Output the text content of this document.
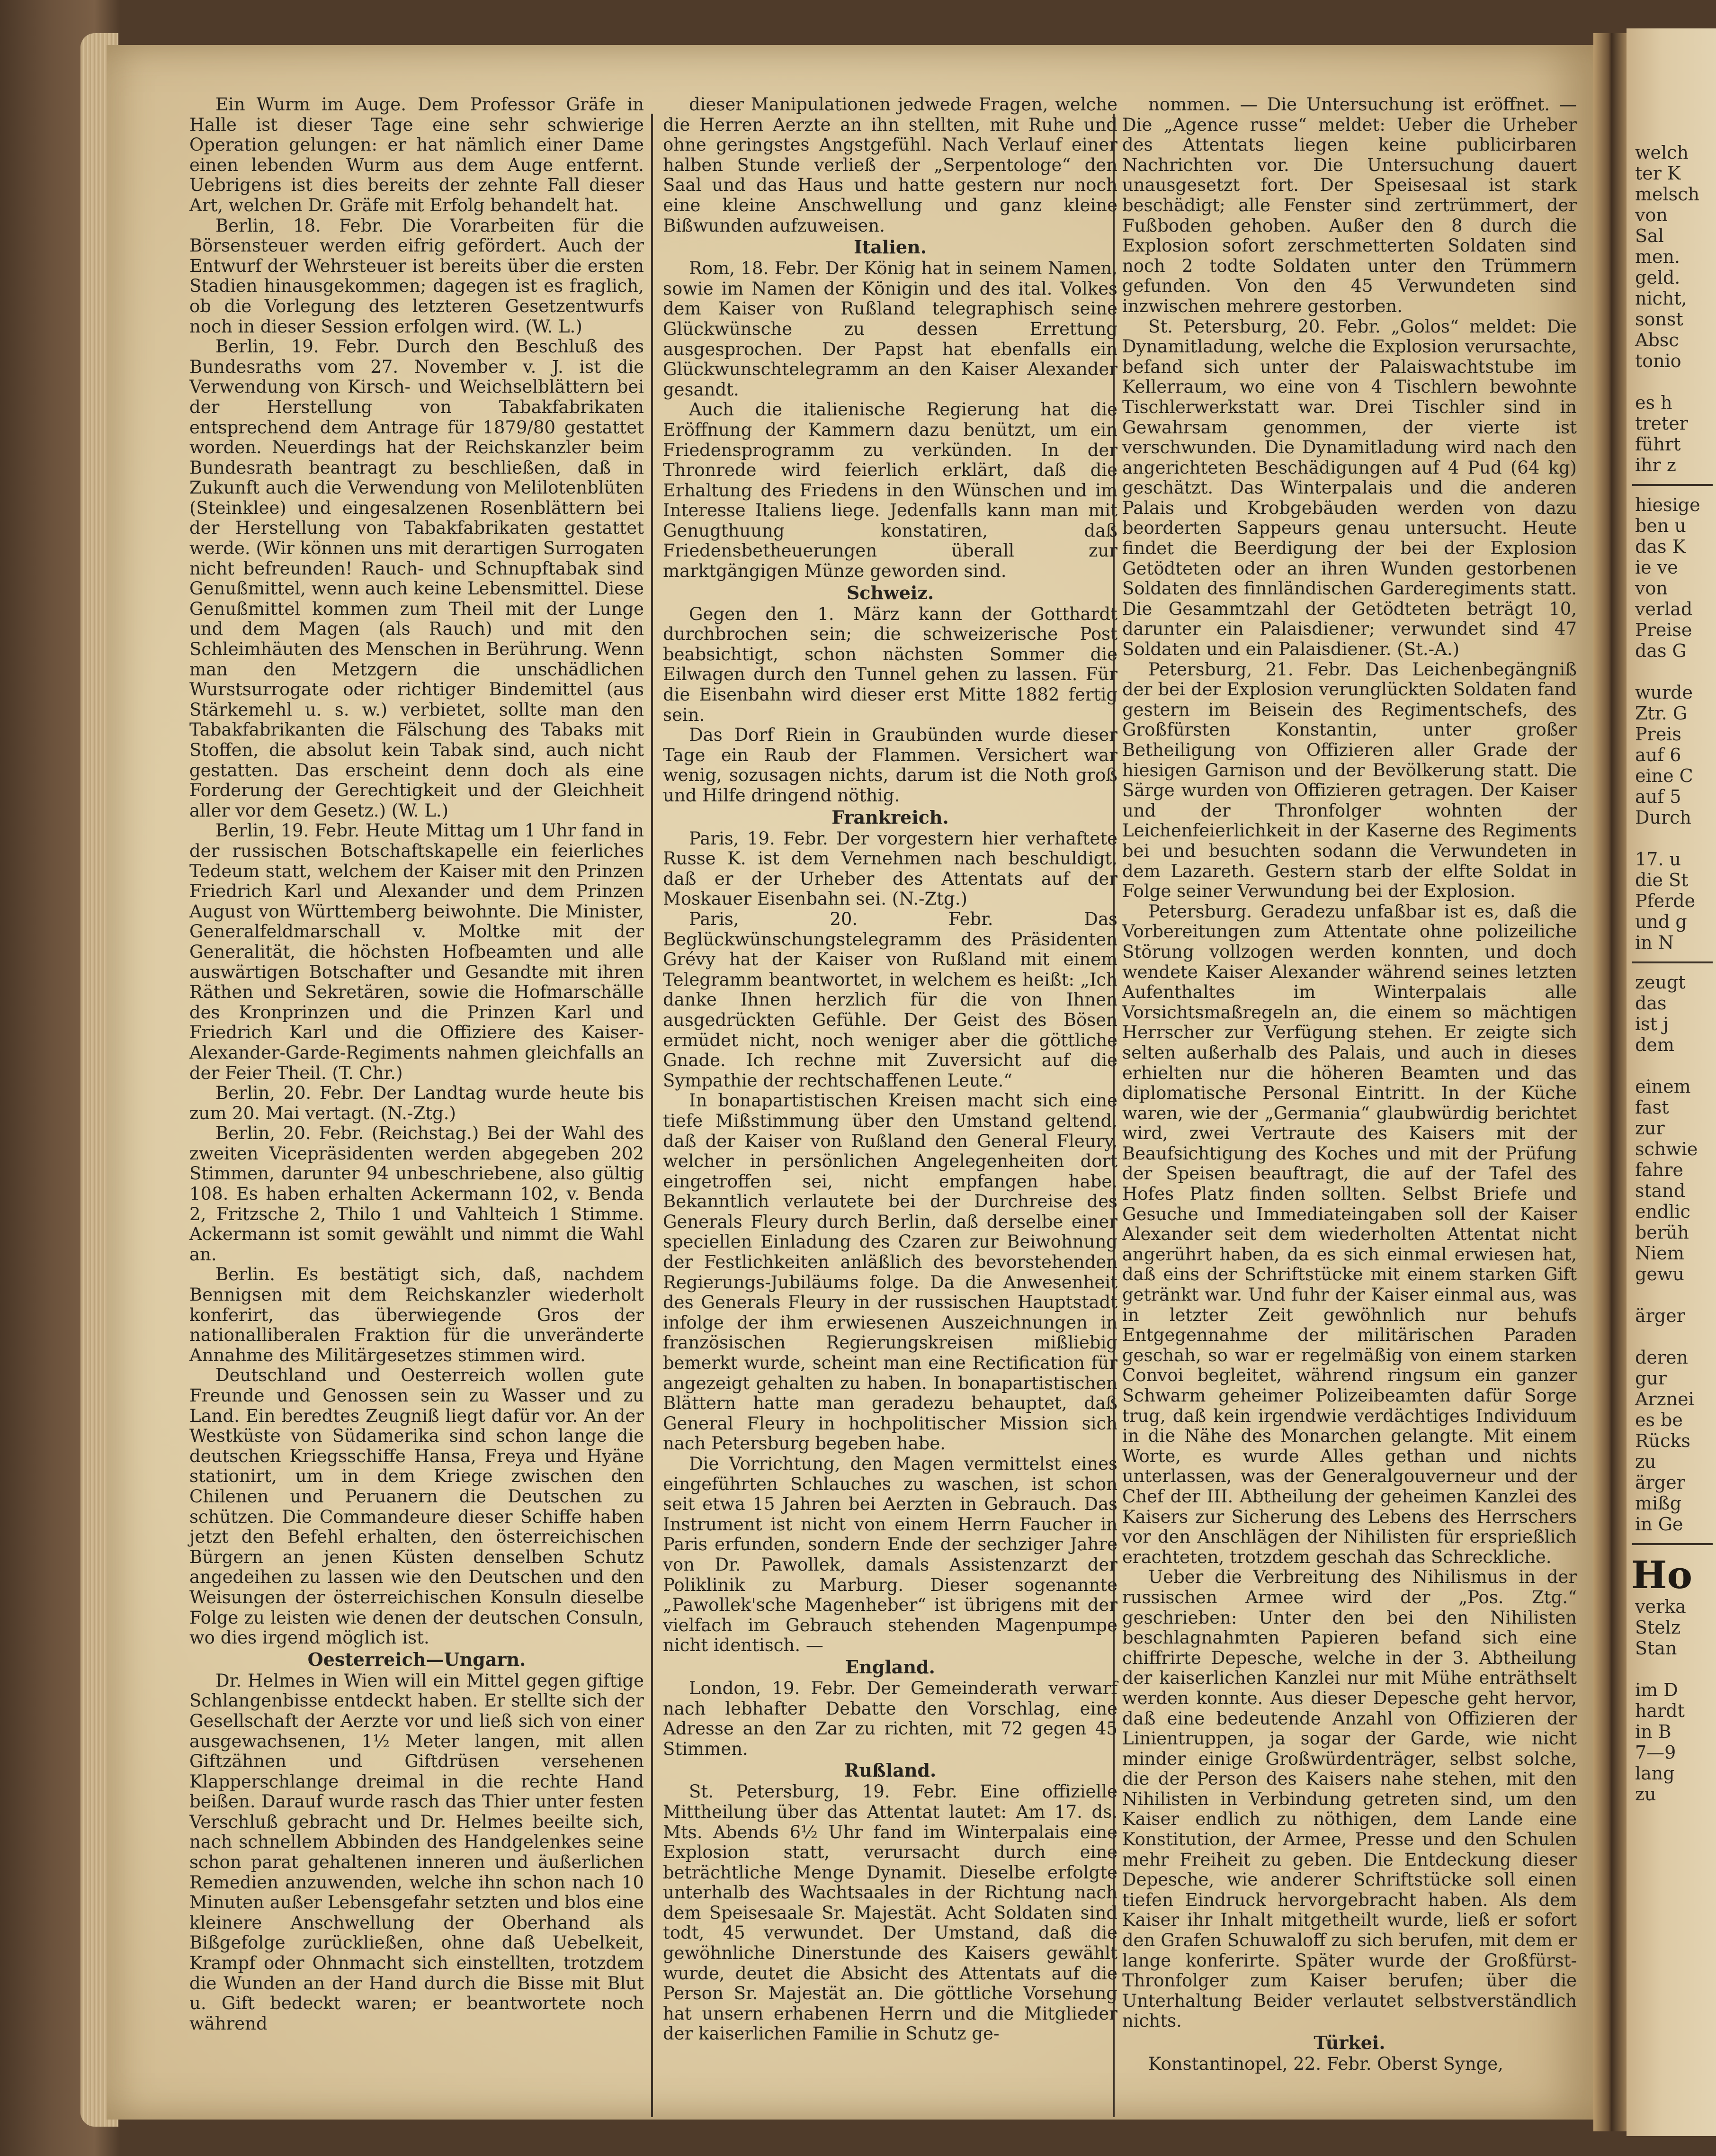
Ein Wurm im Auge. Dem Professor Gräfe in Halle ist dieser Tage eine sehr schwierige Operation gelungen: er hat nämlich einer Dame einen lebenden Wurm aus dem Auge entfernt. Uebrigens ist dies bereits der zehnte Fall dieser Art, welchen Dr. Gräfe mit Erfolg behandelt hat.

Berlin, 18. Febr. Die Vorarbeiten für die Börsensteuer werden eifrig gefördert. Auch der Entwurf der Wehrsteuer ist bereits über die ersten Stadien hinausgekommen; dagegen ist es fraglich, ob die Vorlegung des letzteren Gesetzentwurfs noch in dieser Session erfolgen wird. (W. L.)

Berlin, 19. Febr. Durch den Beschluß des Bundesraths vom 27. November v. J. ist die Verwendung von Kirsch- und Weichselblättern bei der Herstellung von Tabakfabrikaten entsprechend dem Antrage für 1879/80 gestattet worden. Neuerdings hat der Reichskanzler beim Bundesrath beantragt zu beschließen, daß in Zukunft auch die Verwendung von Melilotenblüten (Steinklee) und eingesalzenen Rosenblättern bei der Herstellung von Tabakfabrikaten gestattet werde. (Wir können uns mit derartigen Surrogaten nicht befreunden! Rauch- und Schnupftabak sind Genußmittel, wenn auch keine Lebensmittel. Diese Genußmittel kommen zum Theil mit der Lunge und dem Magen (als Rauch) und mit den Schleimhäuten des Menschen in Berührung. Wenn man den Metzgern die unschädlichen Wurstsurrogate oder richtiger Bindemittel (aus Stärkemehl u. s. w.) verbietet, sollte man den Tabakfabrikanten die Fälschung des Tabaks mit Stoffen, die absolut kein Tabak sind, auch nicht gestatten. Das erscheint denn doch als eine Forderung der Gerechtigkeit und der Gleichheit aller vor dem Gesetz.) (W. L.)

Berlin, 19. Febr. Heute Mittag um 1 Uhr fand in der russischen Botschaftskapelle ein feierliches Tedeum statt, welchem der Kaiser mit den Prinzen Friedrich Karl und Alexander und dem Prinzen August von Württemberg beiwohnte. Die Minister, Generalfeldmarschall v. Moltke mit der Generalität, die höchsten Hofbeamten und alle auswärtigen Botschafter und Gesandte mit ihren Räthen und Sekretären, sowie die Hofmarschälle des Kronprinzen und die Prinzen Karl und Friedrich Karl und die Offiziere des Kaiser-Alexander-Garde-Regiments nahmen gleichfalls an der Feier Theil. (T. Chr.)

Berlin, 20. Febr. Der Landtag wurde heute bis zum 20. Mai vertagt. (N.-Ztg.)

Berlin, 20. Febr. (Reichstag.) Bei der Wahl des zweiten Vicepräsidenten werden abgegeben 202 Stimmen, darunter 94 unbeschriebene, also gültig 108. Es haben erhalten Ackermann 102, v. Benda 2, Fritzsche 2, Thilo 1 und Vahlteich 1 Stimme. Ackermann ist somit gewählt und nimmt die Wahl an.

Berlin. Es bestätigt sich, daß, nachdem Bennigsen mit dem Reichskanzler wiederholt konferirt, das überwiegende Gros der nationalliberalen Fraktion für die unveränderte Annahme des Militärgesetzes stimmen wird.

Deutschland und Oesterreich wollen gute Freunde und Genossen sein zu Wasser und zu Land. Ein beredtes Zeugniß liegt dafür vor. An der Westküste von Südamerika sind schon lange die deutschen Kriegsschiffe Hansa, Freya und Hyäne stationirt, um in dem Kriege zwischen den Chilenen und Peruanern die Deutschen zu schützen. Die Commandeure dieser Schiffe haben jetzt den Befehl erhalten, den österreichischen Bürgern an jenen Küsten denselben Schutz angedeihen zu lassen wie den Deutschen und den Weisungen der österreichischen Konsuln dieselbe Folge zu leisten wie denen der deutschen Consuln, wo dies irgend möglich ist.

Oesterreich—Ungarn.

Dr. Helmes in Wien will ein Mittel gegen giftige Schlangenbisse entdeckt haben. Er stellte sich der Gesellschaft der Aerzte vor und ließ sich von einer ausgewachsenen, 1½ Meter langen, mit allen Giftzähnen und Giftdrüsen versehenen Klapperschlange dreimal in die rechte Hand beißen. Darauf wurde rasch das Thier unter festen Verschluß gebracht und Dr. Helmes beeilte sich, nach schnellem Abbinden des Handgelenkes seine schon parat gehaltenen inneren und äußerlichen Remedien anzuwenden, welche ihn schon nach 10 Minuten außer Lebensgefahr setzten und blos eine kleinere Anschwellung der Oberhand als Bißgefolge zurückließen, ohne daß Uebelkeit, Krampf oder Ohnmacht sich einstellten, trotzdem die Wunden an der Hand durch die Bisse mit Blut u. Gift bedeckt waren; er beantwortete noch während

dieser Manipulationen jedwede Fragen, welche die Herren Aerzte an ihn stellten, mit Ruhe und ohne geringstes Angstgefühl. Nach Verlauf einer halben Stunde verließ der „Serpentologe“ den Saal und das Haus und hatte gestern nur noch eine kleine Anschwellung und ganz kleine Bißwunden aufzuweisen.

Italien.

Rom, 18. Febr. Der König hat in seinem Namen, sowie im Namen der Königin und des ital. Volkes dem Kaiser von Rußland telegraphisch seine Glückwünsche zu dessen Errettung ausgesprochen. Der Papst hat ebenfalls ein Glückwunschtelegramm an den Kaiser Alexander gesandt.

Auch die italienische Regierung hat die Eröffnung der Kammern dazu benützt, um ein Friedensprogramm zu verkünden. In der Thronrede wird feierlich erklärt, daß die Erhaltung des Friedens in den Wünschen und im Interesse Italiens liege. Jedenfalls kann man mit Genugthuung konstatiren, daß Friedensbetheuerungen überall zur marktgängigen Münze geworden sind.

Schweiz.

Gegen den 1. März kann der Gotthardt durchbrochen sein; die schweizerische Post beabsichtigt, schon nächsten Sommer die Eilwagen durch den Tunnel gehen zu lassen. Für die Eisenbahn wird dieser erst Mitte 1882 fertig sein.

Das Dorf Riein in Graubünden wurde dieser Tage ein Raub der Flammen. Versichert war wenig, sozusagen nichts, darum ist die Noth groß und Hilfe dringend nöthig.

Frankreich.

Paris, 19. Febr. Der vorgestern hier verhaftete Russe K. ist dem Vernehmen nach beschuldigt, daß er der Urheber des Attentats auf der Moskauer Eisenbahn sei. (N.-Ztg.)

Paris, 20. Febr. Das Beglückwünschungstelegramm des Präsidenten Grévy hat der Kaiser von Rußland mit einem Telegramm beantwortet, in welchem es heißt: „Ich danke Ihnen herzlich für die von Ihnen ausgedrückten Gefühle. Der Geist des Bösen ermüdet nicht, noch weniger aber die göttliche Gnade. Ich rechne mit Zuversicht auf die Sympathie der rechtschaffenen Leute.“

In bonapartistischen Kreisen macht sich eine tiefe Mißstimmung über den Umstand geltend, daß der Kaiser von Rußland den General Fleury, welcher in persönlichen Angelegenheiten dort eingetroffen sei, nicht empfangen habe. Bekanntlich verlautete bei der Durchreise des Generals Fleury durch Berlin, daß derselbe einer speciellen Einladung des Czaren zur Beiwohnung der Festlichkeiten anläßlich des bevorstehenden Regierungs-Jubiläums folge. Da die Anwesenheit des Generals Fleury in der russischen Hauptstadt infolge der ihm erwiesenen Auszeichnungen in französischen Regierungskreisen mißliebig bemerkt wurde, scheint man eine Rectification für angezeigt gehalten zu haben. In bonapartistischen Blättern hatte man geradezu behauptet, daß General Fleury in hochpolitischer Mission sich nach Petersburg begeben habe.

Die Vorrichtung, den Magen vermittelst eines eingeführten Schlauches zu waschen, ist schon seit etwa 15 Jahren bei Aerzten in Gebrauch. Das Instrument ist nicht von einem Herrn Faucher in Paris erfunden, sondern Ende der sechziger Jahre von Dr. Pawollek, damals Assistenzarzt der Poliklinik zu Marburg. Dieser sogenannte „Pawollek'sche Magenheber“ ist übrigens mit der vielfach im Gebrauch stehenden Magenpumpe nicht identisch. —

England.

London, 19. Febr. Der Gemeinderath verwarf nach lebhafter Debatte den Vorschlag, eine Adresse an den Zar zu richten, mit 72 gegen 45 Stimmen.

Rußland.

St. Petersburg, 19. Febr. Eine offizielle Mittheilung über das Attentat lautet: Am 17. ds. Mts. Abends 6½ Uhr fand im Winterpalais eine Explosion statt, verursacht durch eine beträchtliche Menge Dynamit. Dieselbe erfolgte unterhalb des Wachtsaales in der Richtung nach dem Speisesaale Sr. Majestät. Acht Soldaten sind todt, 45 verwundet. Der Umstand, daß die gewöhnliche Dinerstunde des Kaisers gewählt wurde, deutet die Absicht des Attentats auf die Person Sr. Majestät an. Die göttliche Vorsehung hat unsern erhabenen Herrn und die Mitglieder der kaiserlichen Familie in Schutz ge-

nommen. — Die Untersuchung ist eröffnet. — Die „Agence russe“ meldet: Ueber die Urheber des Attentats liegen keine publicirbaren Nachrichten vor. Die Untersuchung dauert unausgesetzt fort. Der Speisesaal ist stark beschädigt; alle Fenster sind zertrümmert, der Fußboden gehoben. Außer den 8 durch die Explosion sofort zerschmetterten Soldaten sind noch 2 todte Soldaten unter den Trümmern gefunden. Von den 45 Verwundeten sind inzwischen mehrere gestorben.

St. Petersburg, 20. Febr. „Golos“ meldet: Die Dynamitladung, welche die Explosion verursachte, befand sich unter der Palaiswachtstube im Kellerraum, wo eine von 4 Tischlern bewohnte Tischlerwerkstatt war. Drei Tischler sind in Gewahrsam genommen, der vierte ist verschwunden. Die Dynamitladung wird nach den angerichteten Beschädigungen auf 4 Pud (64 kg) geschätzt. Das Winterpalais und die anderen Palais und Krobgebäuden werden von dazu beorderten Sappeurs genau untersucht. Heute findet die Beerdigung der bei der Explosion Getödteten oder an ihren Wunden gestorbenen Soldaten des finnländischen Garderegiments statt. Die Gesammtzahl der Getödteten beträgt 10, darunter ein Palaisdiener; verwundet sind 47 Soldaten und ein Palaisdiener. (St.-A.)

Petersburg, 21. Febr. Das Leichenbegängniß der bei der Explosion verunglückten Soldaten fand gestern im Beisein des Regimentschefs, des Großfürsten Konstantin, unter großer Betheiligung von Offizieren aller Grade der hiesigen Garnison und der Bevölkerung statt. Die Särge wurden von Offizieren getragen. Der Kaiser und der Thronfolger wohnten der Leichenfeierlichkeit in der Kaserne des Regiments bei und besuchten sodann die Verwundeten in dem Lazareth. Gestern starb der elfte Soldat in Folge seiner Verwundung bei der Explosion.

Petersburg. Geradezu unfaßbar ist es, daß die Vorbereitungen zum Attentate ohne polizeiliche Störung vollzogen werden konnten, und doch wendete Kaiser Alexander während seines letzten Aufenthaltes im Winterpalais alle Vorsichtsmaßregeln an, die einem so mächtigen Herrscher zur Verfügung stehen. Er zeigte sich selten außerhalb des Palais, und auch in dieses erhielten nur die höheren Beamten und das diplomatische Personal Eintritt. In der Küche waren, wie der „Germania“ glaubwürdig berichtet wird, zwei Vertraute des Kaisers mit der Beaufsichtigung des Koches und mit der Prüfung der Speisen beauftragt, die auf der Tafel des Hofes Platz finden sollten. Selbst Briefe und Gesuche und Immediateingaben soll der Kaiser Alexander seit dem wiederholten Attentat nicht angerührt haben, da es sich einmal erwiesen hat, daß eins der Schriftstücke mit einem starken Gift getränkt war. Und fuhr der Kaiser einmal aus, was in letzter Zeit gewöhnlich nur behufs Entgegennahme der militärischen Paraden geschah, so war er regelmäßig von einem starken Convoi begleitet, während ringsum ein ganzer Schwarm geheimer Polizeibeamten dafür Sorge trug, daß kein irgendwie verdächtiges Individuum in die Nähe des Monarchen gelangte. Mit einem Worte, es wurde Alles gethan und nichts unterlassen, was der Generalgouverneur und der Chef der III. Abtheilung der geheimen Kanzlei des Kaisers zur Sicherung des Lebens des Herrschers vor den Anschlägen der Nihilisten für ersprießlich erachteten, trotzdem geschah das Schreckliche.

Ueber die Verbreitung des Nihilismus in der russischen Armee wird der „Pos. Ztg.“ geschrieben: Unter den bei den Nihilisten beschlagnahmten Papieren befand sich eine chiffrirte Depesche, welche in der 3. Abtheilung der kaiserlichen Kanzlei nur mit Mühe enträthselt werden konnte. Aus dieser Depesche geht hervor, daß eine bedeutende Anzahl von Offizieren der Linientruppen, ja sogar der Garde, wie nicht minder einige Großwürdenträger, selbst solche, die der Person des Kaisers nahe stehen, mit den Nihilisten in Verbindung getreten sind, um den Kaiser endlich zu nöthigen, dem Lande eine Konstitution, der Armee, Presse und den Schulen mehr Freiheit zu geben. Die Entdeckung dieser Depesche, wie anderer Schriftstücke soll einen tiefen Eindruck hervorgebracht haben. Als dem Kaiser ihr Inhalt mitgetheilt wurde, ließ er sofort den Grafen Schuwaloff zu sich berufen, mit dem er lange konferirte. Später wurde der Großfürst-Thronfolger zum Kaiser berufen; über die Unterhaltung Beider verlautet selbstverständlich nichts.

Türkei.

Konstantinopel, 22. Febr. Oberst Synge,

welch
ter K
melsch
von
Sal
men.
geld.
nicht,
sonst
Absc
tonio

es h
treter
führt
ihr z
hiesige
ben u
das K
ie ve
von
verlad
Preise
das G

wurde
Ztr. G
Preis
auf 6
eine C
auf 5
Durch

17. u
die St
Pferde
und g
in N
zeugt
das
ist j
dem

einem
fast
zur
schwie
fahre
stand
endlic
berüh
Niem
gewu

ärger

deren
gur
Arznei
es be
Rücks
zu
ärger
mißg
in Ge
Ho
verka
Stelz
Stan

im D
hardt
in B
7—9
lang
zu
